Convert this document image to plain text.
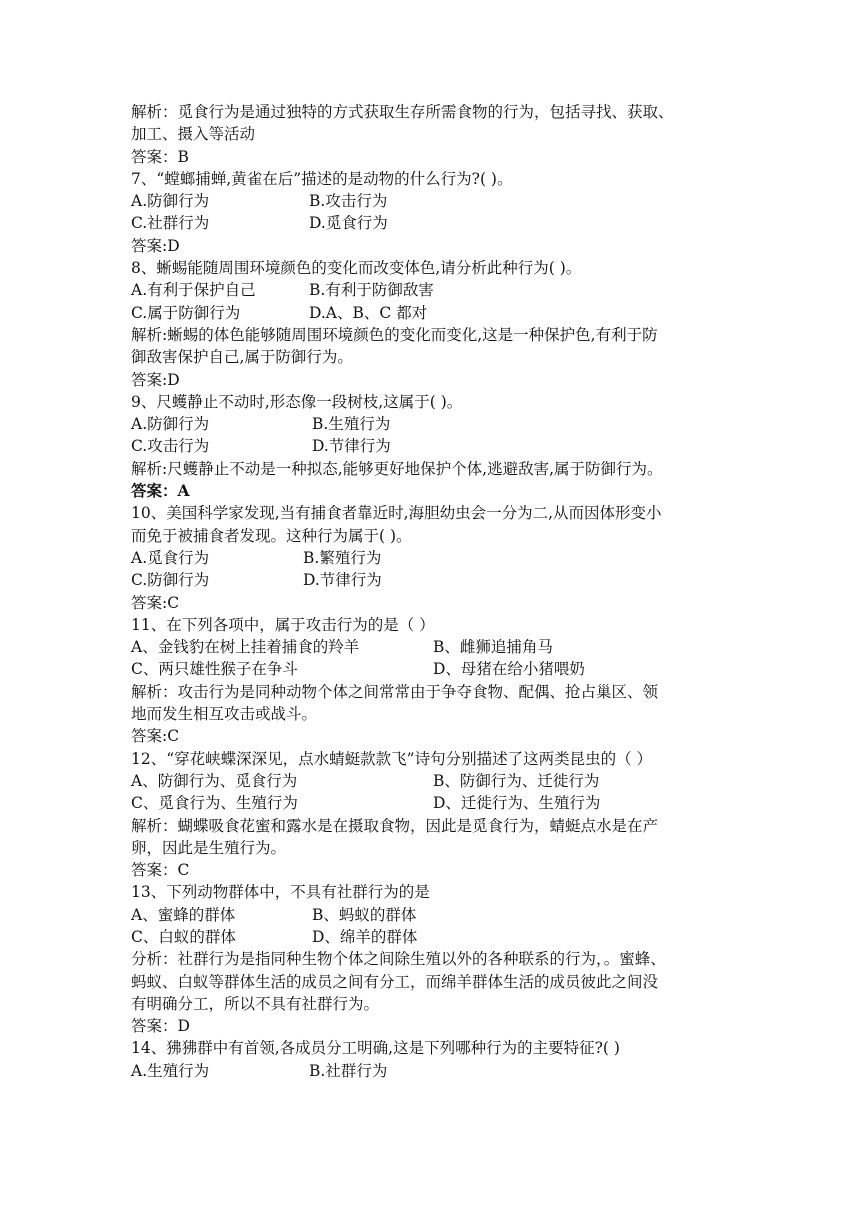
解析：觅食行为是通过独特的方式获取生存所需食物的行为，包括寻找、获取、
加工、摄入等活动
答案：B
7、“螳螂捕蝉,黄雀在后”描述的是动物的什么行为?( )。
A.防御行为	B.攻击行为
C.社群行为	D.觅食行为
答案:D
8、蜥蜴能随周围环境颜色的变化而改变体色,请分析此种行为( )。
A.有利于保护自己	B.有利于防御敌害
C.属于防御行为	D.A、B、C 都对
解析:蜥蜴的体色能够随周围环境颜色的变化而变化,这是一种保护色,有利于防
御敌害保护自己,属于防御行为。
答案:D
9、尺蠖静止不动时,形态像一段树枝,这属于( )。
A.防御行为	B.生殖行为
C.攻击行为	D.节律行为
解析:尺蠖静止不动是一种拟态,能够更好地保护个体,逃避敌害,属于防御行为。
答案：A
10、美国科学家发现,当有捕食者靠近时,海胆幼虫会一分为二,从而因体形变小
而免于被捕食者发现。这种行为属于( )。
A.觅食行为	B.繁殖行为
C.防御行为	D.节律行为
答案:C
11、在下列各项中，属于攻击行为的是（ ）
A、金钱豹在树上挂着捕食的羚羊	B、雌狮追捕角马
C、两只雄性猴子在争斗	D、母猪在给小猪喂奶
解析：攻击行为是同种动物个体之间常常由于争夺食物、配偶、抢占巢区、领
地而发生相互攻击或战斗。
答案:C
12、“穿花峡蝶深深见，点水蜻蜓款款飞”诗句分别描述了这两类昆虫的（ ）
A、防御行为、觅食行为	B、防御行为、迁徙行为
C、觅食行为、生殖行为	D、迁徙行为、生殖行为
解析：蝴蝶吸食花蜜和露水是在摄取食物，因此是觅食行为，蜻蜓点水是在产
卵，因此是生殖行为。
答案：C
13、下列动物群体中，不具有社群行为的是
A、蜜蜂的群体	B、蚂蚁的群体
C、白蚁的群体	D、绵羊的群体
分析：社群行为是指同种生物个体之间除生殖以外的各种联系的行为，。蜜蜂、
蚂蚁、白蚁等群体生活的成员之间有分工，而绵羊群体生活的成员彼此之间没
有明确分工，所以不具有社群行为。
答案：D
14、狒狒群中有首领,各成员分工明确,这是下列哪种行为的主要特征?( )
A.生殖行为	B.社群行为
